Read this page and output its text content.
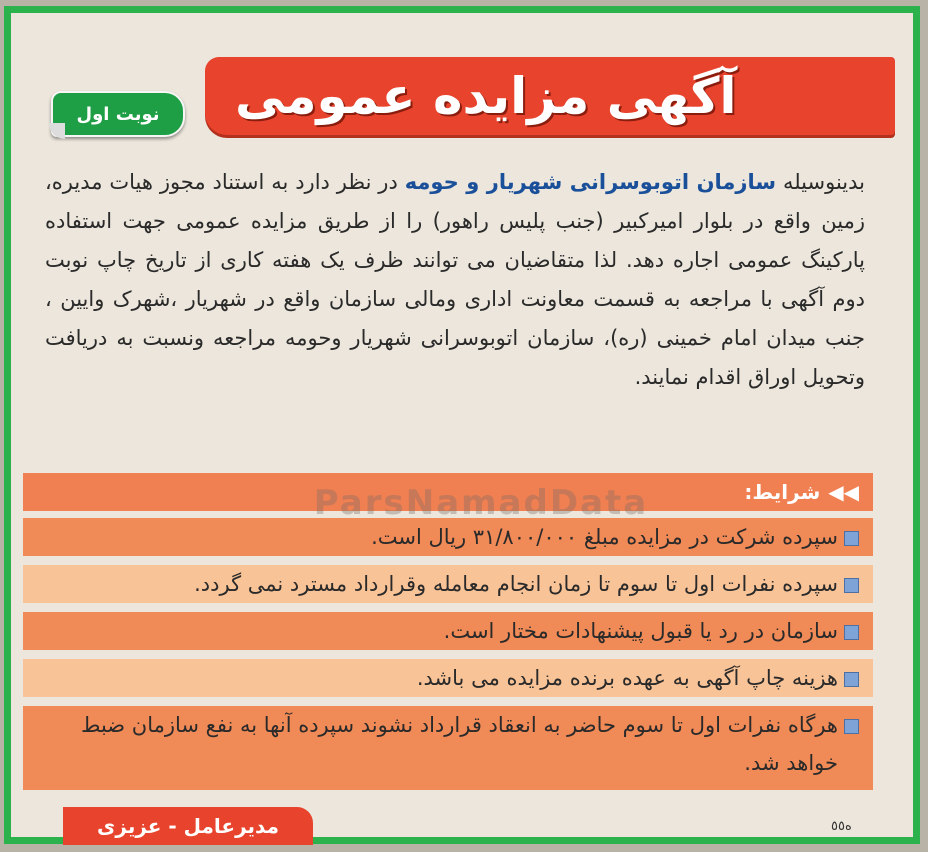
آگهی مزایده عمومی
نوبت اول
بدینوسیله سازمان اتوبوسرانی شهریار و حومه در نظر دارد به استناد مجوز هیات مدیره، زمین واقع در بلوار امیرکبیر (جنب پلیس راهور) را از طریق مزایده عمومی جهت استفاده پارکینگ عمومی اجاره دهد. لذا متقاضیان می توانند ظرف یک هفته کاری از تاریخ چاپ نوبت دوم آگهی با مراجعه به قسمت معاونت اداری ومالی سازمان واقع در شهریار ،شهرک وایین ، جنب میدان امام خمینی (ره)، سازمان اتوبوسرانی شهریار وحومه مراجعه ونسبت به دریافت وتحویل اوراق اقدام نمایند.
◀◀
شرایط:
سپرده شرکت در مزایده مبلغ ۳۱/۸۰۰/۰۰۰ ریال است.
سپرده نفرات اول تا سوم تا زمان انجام معامله وقرارداد مسترد نمی گردد.
سازمان در رد یا قبول پیشنهادات مختار است.
هزینه چاپ آگهی به عهده برنده مزایده می باشد.
هرگاه نفرات اول تا سوم حاضر به انعقاد قرارداد نشوند سپرده آنها به نفع سازمان ضبط خواهد شد.
ParsNamadData
مدیرعامل - عزیزی	ه٥٥
